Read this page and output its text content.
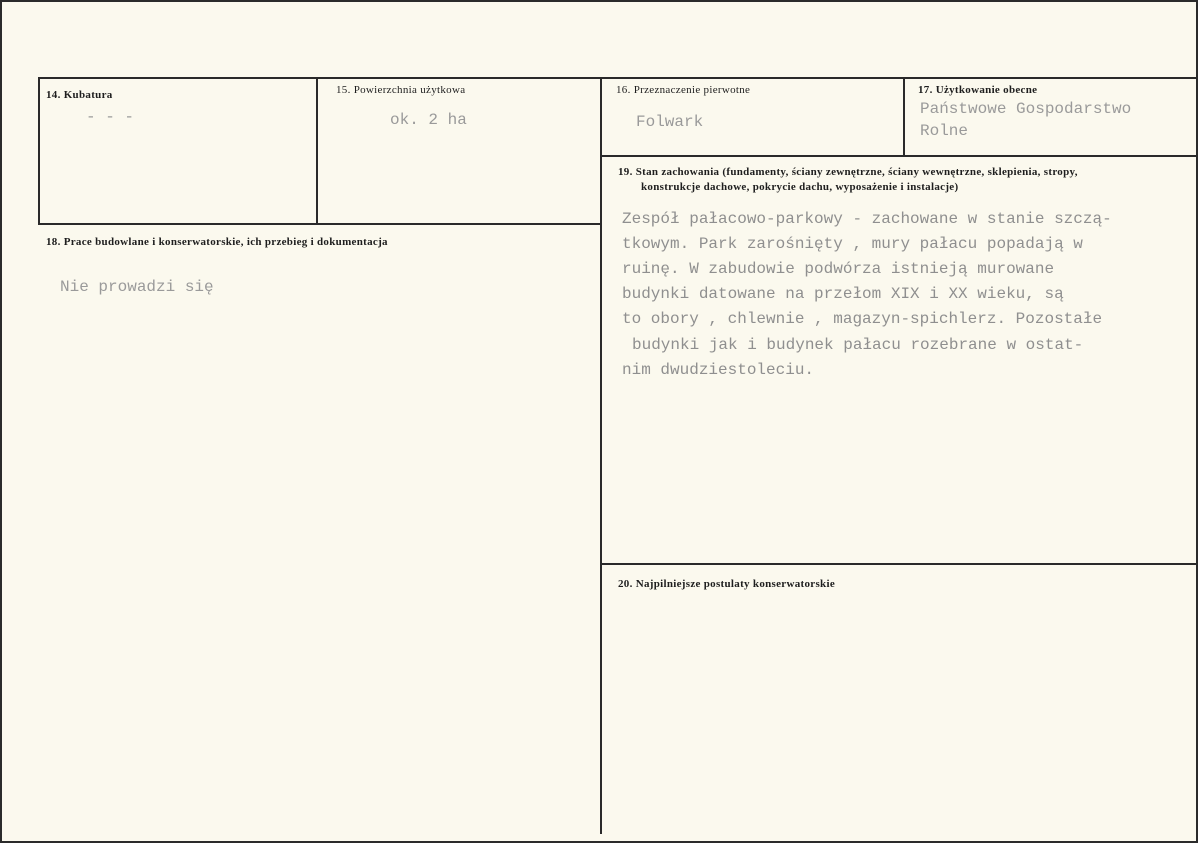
14. Kubatura
- - -
15. Powierzchnia użytkowa
ok. 2 ha
16. Przeznaczenie pierwotne
Folwark
17. Użytkowanie obecne
Państwowe Gospodarstwo
Rolne
18. Prace budowlane i konserwatorskie, ich przebieg i dokumentacja
Nie prowadzi się
19. Stan zachowania (fundamenty, ściany zewnętrzne, ściany wewnętrzne, sklepienia, stropy,
konstrukcje dachowe, pokrycie dachu, wyposażenie i instalacje)
Zespół pałacowo-parkowy - zachowane w stanie szczą-
tkowym. Park zarośnięty , mury pałacu popadają w
ruinę. W zabudowie podwórza istnieją murowane
budynki datowane na przełom XIX i XX wieku, są
to obory , chlewnie , magazyn-spichlerz. Pozostałe
budynki jak i budynek pałacu rozebrane w ostat-
nim dwudziestoleciu.
20. Najpilniejsze postulaty konserwatorskie
